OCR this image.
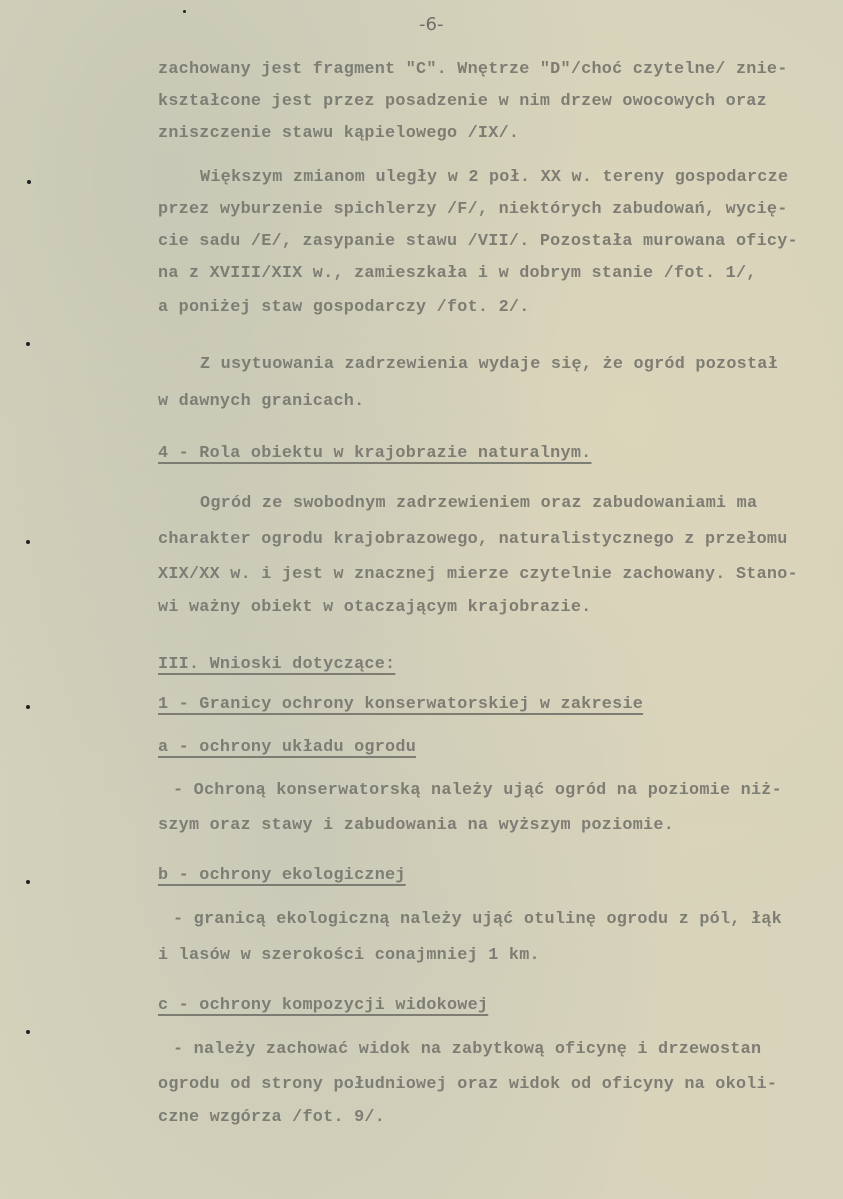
-6-
zachowany jest fragment "C". Wnętrze "D"/choć czytelne/ znie-
kształcone jest przez posadzenie w nim drzew owocowych oraz
zniszczenie stawu kąpielowego /IX/.
Większym zmianom uległy w 2 poł. XX w. tereny gospodarcze
przez wyburzenie spichlerzy /F/, niektórych zabudowań, wycię-
cie sadu /E/, zasypanie stawu /VII/. Pozostała murowana oficy-
na z XVIII/XIX w., zamieszkała i w dobrym stanie /fot. 1/,
a poniżej staw gospodarczy /fot. 2/.
Z usytuowania zadrzewienia wydaje się, że ogród pozostał
w dawnych granicach.
4 - Rola obiektu w krajobrazie naturalnym.
Ogród ze swobodnym zadrzewieniem oraz zabudowaniami ma
charakter ogrodu krajobrazowego, naturalistycznego z przełomu
XIX/XX w. i jest w znacznej mierze czytelnie zachowany. Stano-
wi ważny obiekt w otaczającym krajobrazie.
III. Wnioski dotyczące:
1 - Granicy ochrony konserwatorskiej w zakresie
a - ochrony układu ogrodu
- Ochroną konserwatorską należy ująć ogród na poziomie niż-
szym oraz stawy i zabudowania na wyższym poziomie.
b - ochrony ekologicznej
- granicą ekologiczną należy ująć otulinę ogrodu z pól, łąk
i lasów w szerokości conajmniej 1 km.
c - ochrony kompozycji widokowej
- należy zachować widok na zabytkową oficynę i drzewostan
ogrodu od strony południowej oraz widok od oficyny na okoli-
czne wzgórza /fot. 9/.
